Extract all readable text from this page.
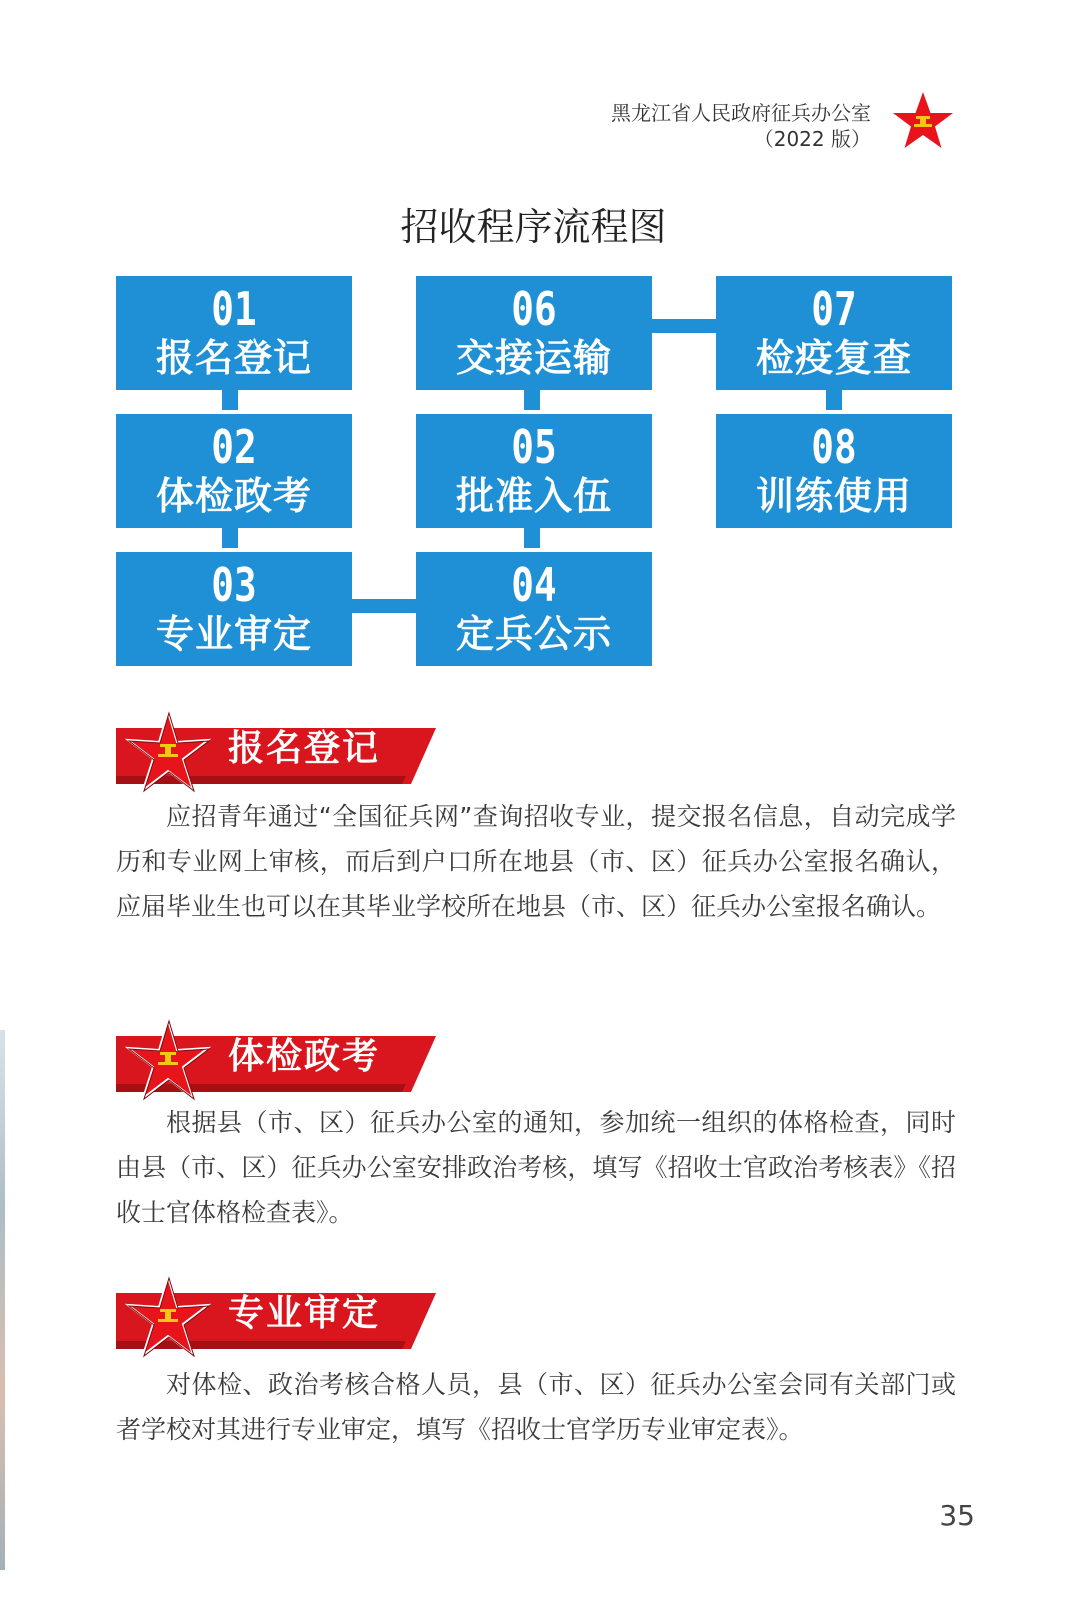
黑龙江省人民政府征兵办公室
（2022 版）
招收程序流程图
01
报名登记
02
体检政考
03
专业审定
04
定兵公示
05
批准入伍
06
交接运输
07
检疫复查
08
训练使用
报名登记

应招青年通过“全国征兵网”查询招收专业，提交报名信息，自动完成学历和专业网上审核，而后到户口所在地县（市、区）征兵办公室报名确认，应届毕业生也可以在其毕业学校所在地县（市、区）征兵办公室报名确认。

体检政考

根据县（市、区）征兵办公室的通知，参加统一组织的体格检查，同时由县（市、区）征兵办公室安排政治考核，填写《招收士官政治考核表》《招收士官体格检查表》。

专业审定

对体检、政治考核合格人员，县（市、区）征兵办公室会同有关部门或者学校对其进行专业审定，填写《招收士官学历专业审定表》。

35
